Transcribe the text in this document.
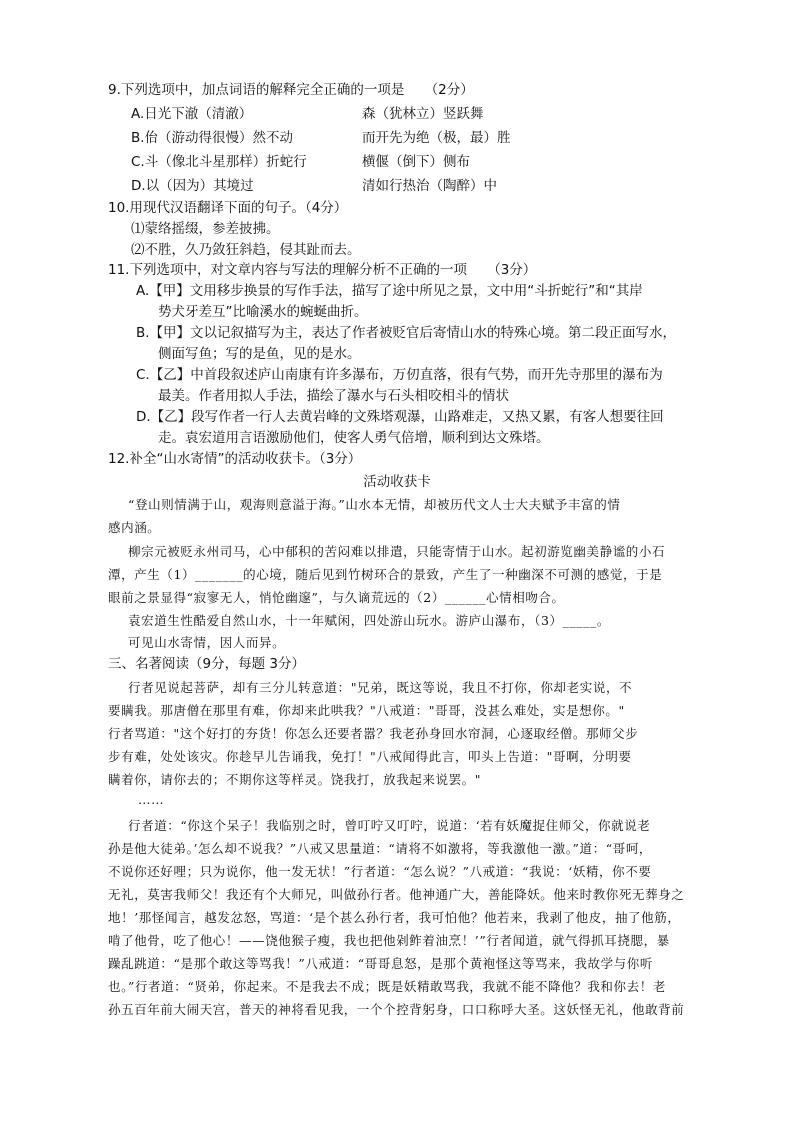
9.下列选项中，加点词语的解释完全正确的一项是　　（2分）
A.日光下澈（清澈）	森（犹林立）竖跃舞
B.佁（游动得很慢）然不动	而开先为绝（极，最）胜
C.斗（像北斗星那样）折蛇行	横偃（倒下）侧布
D.以（因为）其境过	清如行热治（陶醉）中
10.用现代汉语翻译下面的句子。（4分）
⑴蒙络摇缀，参差披拂。
⑵不胜，久乃敛狂斜趋，侵其趾而去。
11.下列选项中，对文章内容与写法的理解分析不正确的一项　　（3分）
A.【甲】文用移步换景的写作手法，描写了途中所见之景，文中用“斗折蛇行”和“其岸
势犬牙差互”比喻溪水的蜿蜒曲折。
B.【甲】文以记叙描写为主，表达了作者被贬官后寄情山水的特殊心境。第二段正面写水，
侧面写鱼；写的是鱼，见的是水。
C.【乙】中首段叙述庐山南康有许多瀑布，万仞直落，很有气势，而开先寺那里的瀑布为
最美。作者用拟人手法，描绘了瀑水与石头相咬相斗的情状
D.【乙】段写作者一行人去黄岩峰的文殊塔观瀑，山路难走，又热又累，有客人想要往回
走。袁宏道用言语激励他们，使客人勇气倍增，顺利到达文殊塔。
12.补全“山水寄情”的活动收获卡。（3分）
活动收获卡
“登山则情满于山，观海则意溢于海。”山水本无情，却被历代文人士大夫赋予丰富的情
感内涵。
柳宗元被贬永州司马，心中郁积的苦闷难以排遣，只能寄情于山水。起初游览幽美静谧的小石
潭，产生（1）_______的心境，随后见到竹树环合的景致，产生了一种幽深不可测的感觉，于是
眼前之景显得“寂寥无人，悄怆幽邃”，与久谪荒远的（2）______心情相吻合。
袁宏道生性酷爱自然山水，十一年赋闲，四处游山玩水。游庐山瀑布，（3）_____。
可见山水寄情，因人而异。
三、名著阅读（9分，每题 3分）
行者见说起菩萨，却有三分儿转意道："兄弟，既这等说，我且不打你，你却老实说，不
要瞒我。那唐僧在那里有难，你却来此哄我？"八戒道："哥哥，没甚么难处，实是想你。"
行者骂道："这个好打的夯货！你怎么还要者嚣？我老孙身回水帘洞，心逐取经僧。那师父步
步有难，处处该灾。你趁早儿告诵我，免打！"八戒闻得此言，叩头上告道："哥啊，分明要
瞒着你，请你去的；不期你这等样灵。饶我打，放我起来说罢。"
……
行者道：“你这个呆子！我临别之时，曾叮咛又叮咛，说道：‘若有妖魔捉住师父，你就说老
孙是他大徒弟。’怎么却不说我？”八戒又思量道：“请将不如激将，等我激他一激。”道：“哥呵，
不说你还好哩；只为说你，他一发无状！”行者道：“怎么说？”八戒道：“我说：‘妖精，你不要
无礼，莫害我师父！我还有个大师兄，叫做孙行者。他神通广大，善能降妖。他来时教你死无葬身之
地！’那怪闻言，越发忿怒，骂道：‘是个甚么孙行者，我可怕他？他若来，我剥了他皮，抽了他筋，
啃了他骨，吃了他心！——饶他猴子瘦，我也把他剁鲊着油烹！’”行者闻道，就气得抓耳挠腮，暴
躁乱跳道：“是那个敢这等骂我！”八戒道：“哥哥息怒，是那个黄袍怪这等骂来，我故学与你听
也。”行者道：“贤弟，你起来。不是我去不成；既是妖精敢骂我，我就不能不降他？我和你去！老
孙五百年前大闹天宫，普天的神将看见我，一个个控背躬身，口口称呼大圣。这妖怪无礼，他敢背前
